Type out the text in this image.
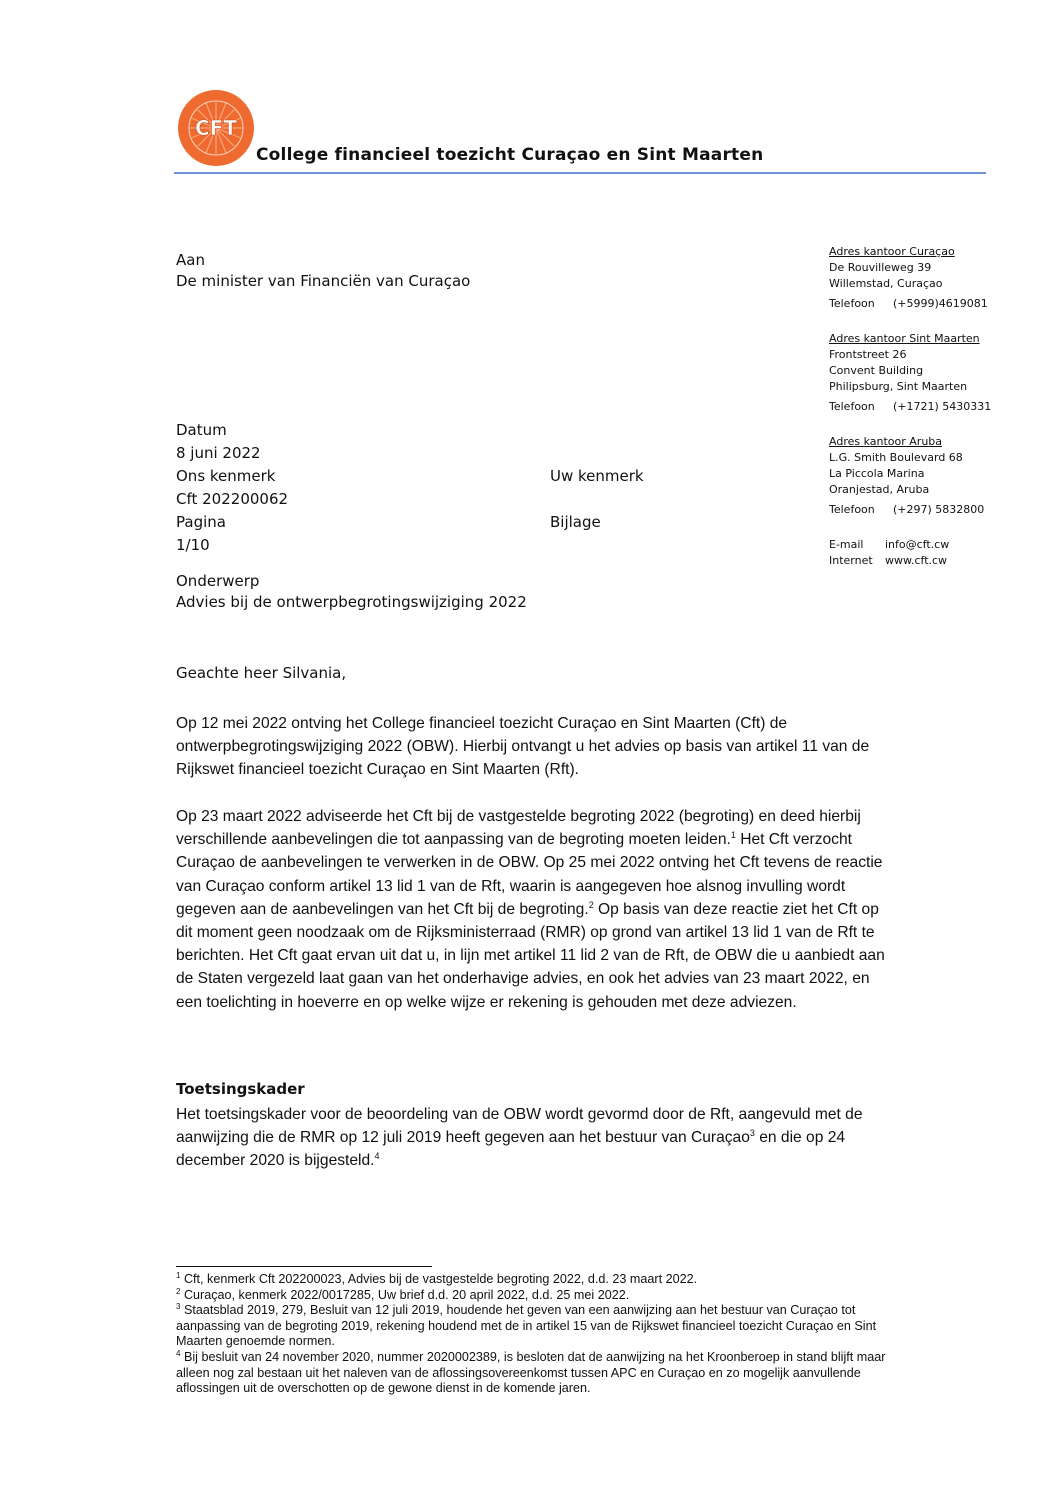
CFT
College financieel toezicht Curaçao en Sint Maarten
Adres kantoor Curaçao
De Rouvilleweg 39
Willemstad, Curaçao
Telefoon	(+5999)4619081
Adres kantoor Sint Maarten
Frontstreet 26
Convent Building
Philipsburg, Sint Maarten
Telefoon	(+1721) 5430331
Adres kantoor Aruba
L.G. Smith Boulevard 68
La Piccola Marina
Oranjestad, Aruba
Telefoon	(+297) 5832800
E-mail	info@cft.cw
Internet	www.cft.cw
Aan
De minister van Financiën van Curaçao
Datum
8 juni 2022
Ons kenmerk	Uw kenmerk
Cft 202200062
Pagina	Bijlage
1/10
Onderwerp
Advies bij de ontwerpbegrotingswijziging 2022
Geachte heer Silvania,
Op 12 mei 2022 ontving het College financieel toezicht Curaçao en Sint Maarten (Cft) de ontwerpbegrotingswijziging 2022 (OBW). Hierbij ontvangt u het advies op basis van artikel 11 van de Rijkswet financieel toezicht Curaçao en Sint Maarten (Rft).
Op 23 maart 2022 adviseerde het Cft bij de vastgestelde begroting 2022 (begroting) en deed hierbij verschillende aanbevelingen die tot aanpassing van de begroting moeten leiden.$^1$ Het Cft verzocht Curaçao de aanbevelingen te verwerken in de OBW. Op 25 mei 2022 ontving het Cft tevens de reactie van Curaçao conform artikel 13 lid 1 van de Rft, waarin is aangegeven hoe alsnog invulling wordt gegeven aan de aanbevelingen van het Cft bij de begroting.$^2$ Op basis van deze reactie ziet het Cft op dit moment geen noodzaak om de Rijksministerraad (RMR) op grond van artikel 13 lid 1 van de Rft te berichten. Het Cft gaat ervan uit dat u, in lijn met artikel 11 lid 2 van de Rft, de OBW die u aanbiedt aan de Staten vergezeld laat gaan van het onderhavige advies, en ook het advies van 23 maart 2022, en een toelichting in hoeverre en op welke wijze er rekening is gehouden met deze adviezen.
Toetsingskader
Het toetsingskader voor de beoordeling van de OBW wordt gevormd door de Rft, aangevuld met de aanwijzing die de RMR op 12 juli 2019 heeft gegeven aan het bestuur van Curaçao$^3$ en die op 24 december 2020 is bijgesteld.$^4$
$^1$ Cft, kenmerk Cft 202200023, Advies bij de vastgestelde begroting 2022, d.d. 23 maart 2022.
$^2$ Curaçao, kenmerk 2022/0017285, Uw brief d.d. 20 april 2022, d.d. 25 mei 2022.
$^3$ Staatsblad 2019, 279, Besluit van 12 juli 2019, houdende het geven van een aanwijzing aan het bestuur van Curaçao tot aanpassing van de begroting 2019, rekening houdend met de in artikel 15 van de Rijkswet financieel toezicht Curaçao en Sint Maarten genoemde normen.
$^4$ Bij besluit van 24 november 2020, nummer 2020002389, is besloten dat de aanwijzing na het Kroonberoep in stand blijft maar alleen nog zal bestaan uit het naleven van de aflossingsovereenkomst tussen APC en Curaçao en zo mogelijk aanvullende aflossingen uit de overschotten op de gewone dienst in de komende jaren.
